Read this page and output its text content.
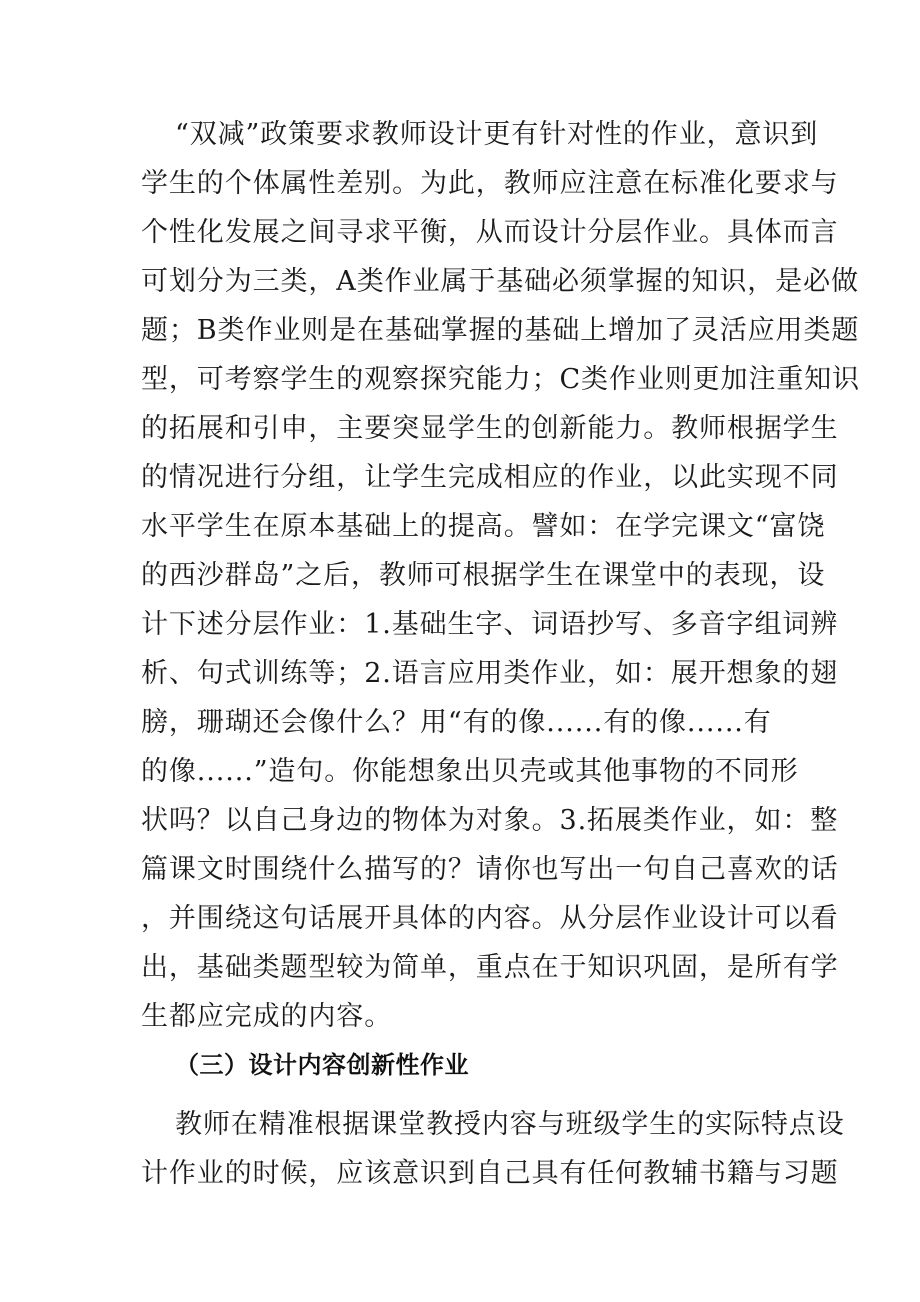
“双减”政策要求教师设计更有针对性的作业，意识到
学生的个体属性差别。为此，教师应注意在标准化要求与
个性化发展之间寻求平衡，从而设计分层作业。具体而言
可划分为三类，A类作业属于基础必须掌握的知识，是必做
题；B类作业则是在基础掌握的基础上增加了灵活应用类题
型，可考察学生的观察探究能力；C类作业则更加注重知识
的拓展和引申，主要突显学生的创新能力。教师根据学生
的情况进行分组，让学生完成相应的作业，以此实现不同
水平学生在原本基础上的提高。譬如：在学完课文“富饶
的西沙群岛”之后，教师可根据学生在课堂中的表现，设
计下述分层作业：1.基础生字、词语抄写、多音字组词辨
析、句式训练等；2.语言应用类作业，如：展开想象的翅
膀，珊瑚还会像什么？用“有的像......有的像......有
的像......”造句。你能想象出贝壳或其他事物的不同形
状吗？以自己身边的物体为对象。3.拓展类作业，如：整
篇课文时围绕什么描写的？请你也写出一句自己喜欢的话
，并围绕这句话展开具体的内容。从分层作业设计可以看
出，基础类题型较为简单，重点在于知识巩固，是所有学
生都应完成的内容。
（三）设计内容创新性作业
教师在精准根据课堂教授内容与班级学生的实际特点设
计作业的时候，应该意识到自己具有任何教辅书籍与习题
